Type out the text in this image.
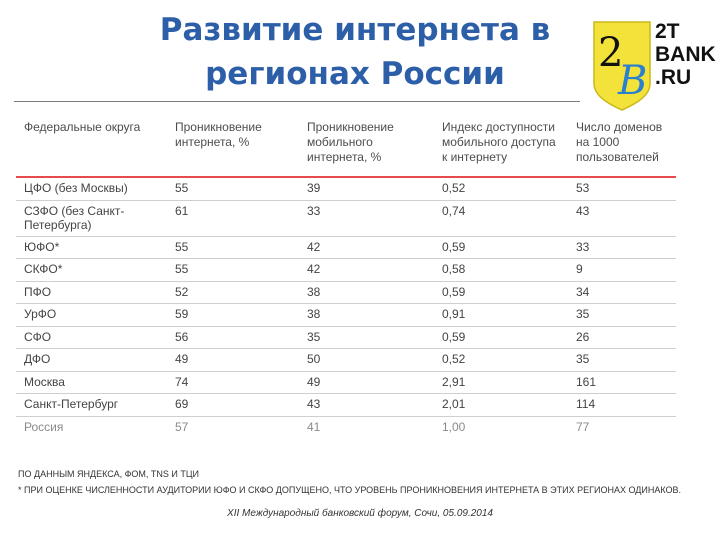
Развитие интернета в регионах России	2
B
2T
BANK
.RU
Федеральные округа	Проникновение интернета, %	Проникновение мобильного интернета, %	Индекс доступности мобильного доступа к интернету	Число доменов на 1000 пользователей
ЦФО (без Москвы)	55	39	0,52	53
СЗФО (без Санкт- Петербурга)	61	33	0,74	43
ЮФО*	55	42	0,59	33
СКФО*	55	42	0,58	9
ПФО	52	38	0,59	34
УрФО	59	38	0,91	35
СФО	56	35	0,59	26
ДФО	49	50	0,52	35
Москва	74	49	2,91	161
Санкт-Петербург	69	43	2,01	114
Россия	57	41	1,00	77
ПО ДАННЫМ ЯНДЕКСА, ФОМ, TNS И ТЦИ
* ПРИ ОЦЕНКЕ ЧИСЛЕННОСТИ АУДИТОРИИ ЮФО И СКФО ДОПУЩЕНО, ЧТО УРОВЕНЬ ПРОНИКНОВЕНИЯ ИНТЕРНЕТА В ЭТИХ РЕГИОНАХ ОДИНАКОВ.
XII Международный банковский форум, Сочи, 05.09.2014
